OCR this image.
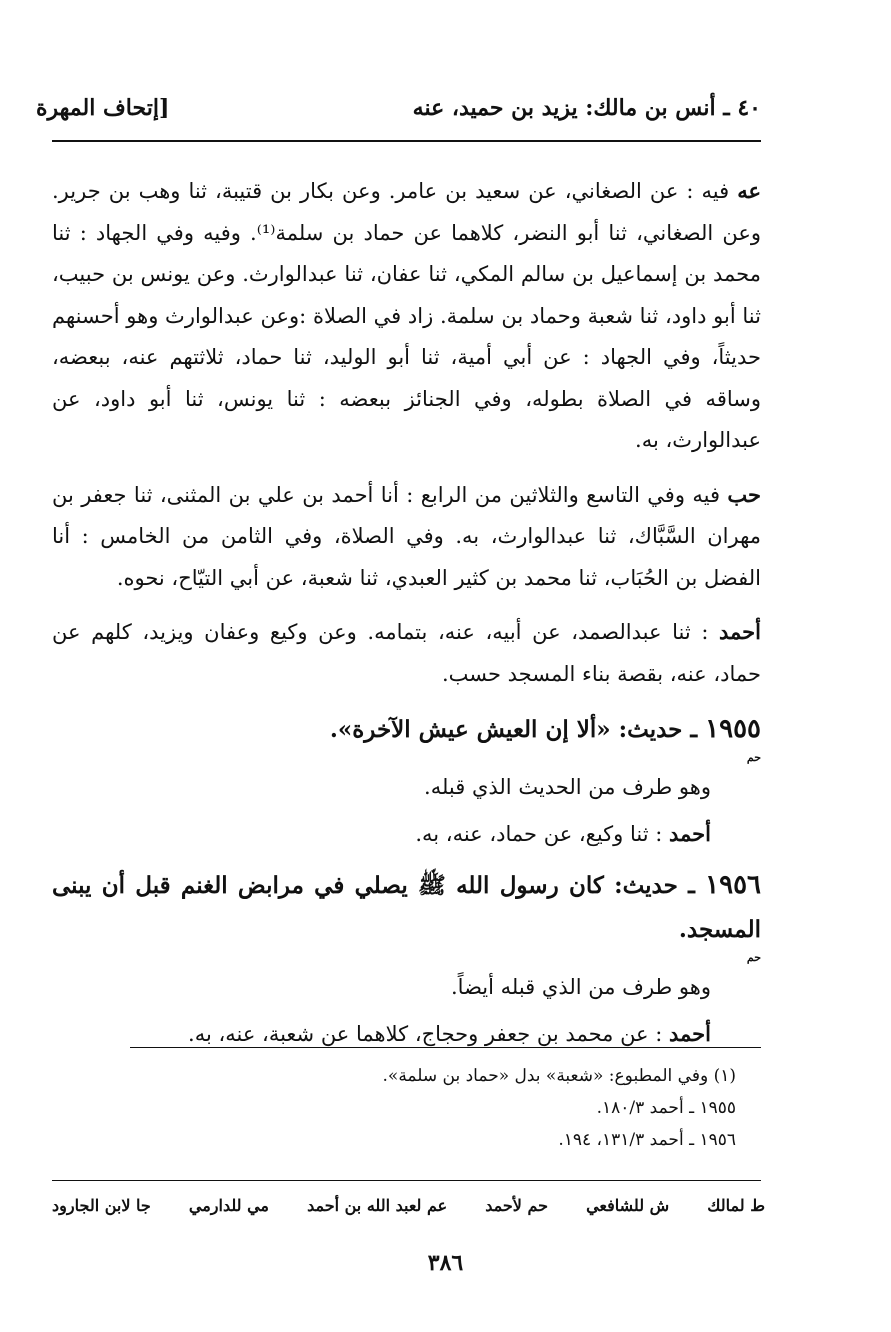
٤٠ ـ أنس بن مالك: يزيد بن حميد، عنه
[إتحاف المهرة

عه فيه : عن الصغاني، عن سعيد بن عامر. وعن بكار بن قتيبة، ثنا وهب بن جرير. وعن الصغاني، ثنا أبو النضر، كلاهما عن حماد بن سلمة⁽¹⁾. وفيه وفي الجهاد : ثنا محمد بن إسماعيل بن سالم المكي، ثنا عفان، ثنا عبدالوارث. وعن يونس بن حبيب، ثنا أبو داود، ثنا شعبة وحماد بن سلمة. زاد في الصلاة :وعن عبدالوارث وهو أحسنهم حديثاً، وفي الجهاد : عن أبي أمية، ثنا أبو الوليد، ثنا حماد، ثلاثتهم عنه، ببعضه، وساقه في الصلاة بطوله، وفي الجنائز ببعضه : ثنا يونس، ثنا أبو داود، عن عبدالوارث، به.

حب فيه وفي التاسع والثلاثين من الرابع : أنا أحمد بن علي بن المثنى، ثنا جعفر بن مهران السَّبَّاك، ثنا عبدالوارث، به. وفي الصلاة، وفي الثامن من الخامس : أنا الفضل بن الحُبَاب، ثنا محمد بن كثير العبدي، ثنا شعبة، عن أبي التيّاح، نحوه.

أحمد : ثنا عبدالصمد، عن أبيه، عنه، بتمامه. وعن وكيع وعفان ويزيد، كلهم عن حماد، عنه، بقصة بناء المسجد حسب.

١٩٥٥ ـ حديث: «ألا إن العيش عيش الآخرة».
حم
وهو طرف من الحديث الذي قبله.
أحمد : ثنا وكيع، عن حماد، عنه، به.
١٩٥٦ ـ حديث: كان رسول الله ﷺ يصلي في مرابض الغنم قبل أن يبنى المسجد.
حم
وهو طرف من الذي قبله أيضاً.
أحمد : عن محمد بن جعفر وحجاج، كلاهما عن شعبة، عنه، به.
(١) وفي المطبوع: «شعبة» بدل «حماد بن سلمة».
١٩٥٥ ـ أحمد ١٨٠/٣.
١٩٥٦ ـ أحمد ١٣١/٣، ١٩٤.
ط لمالك
ش للشافعي
حم لأحمد
عم لعبد الله بن أحمد
مي للدارمي
جا لابن الجارود
٣٨٦
